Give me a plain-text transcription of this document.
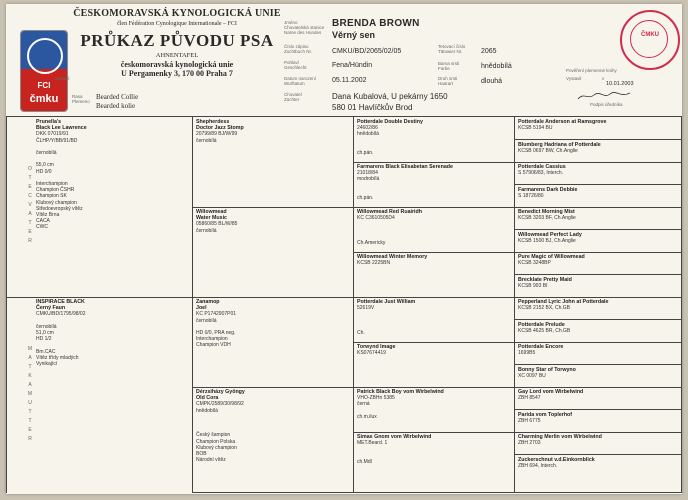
FCI
čmku
Vystavil
ČESKOMORAVSKÁ KYNOLOGICKÁ UNIE
člen Fédération Cynologique Internationale – FCI
PRŮKAZ PŮVODU PSA
AHNENTAFEL
českomoravská kynologická unie
U Pergamenky 3, 170 00 Praha 7
Rasa
Plemeno
Bearded Collie
Bearded kolie
Jméno
Chovatelská stanice
Name des Hundes
Číslo zápisu
Zuchtbuch Nr.
Pohlaví
Geschlecht
Datum narození
Wurftatum
Chovatel
Züchter
BRENDA BROWN
Věrný sen
CMKU/BD/2065/02/05
Fena/Hündin
05.11.2002
Dana Kubalová, U pekárny 1650
580 01 Havlíčkův Brod
Tetovací číslo
Tätowier Nr.
Barva srsti
Farbe
Druh srsti
Haarart
2065
hnědobílá
dlouhá
Pověření plemenné knihy
Vystavil	v
10.01.2003
Podpis úředníka
ČMKU
O
T
E
C
V
A
T
E
R
M
A
T
K
A
M
U
T
T
E
R
Prunella's
Black Lee Lawrence
DKK 07019/91
ČLHP/Y/BB/91/BD

černobílá

55,0 cm
HD 0/0

Interchampion
Champion ČSHR
Champion SK
Klubový champion
Středoevropský vítěz
Vítěz Brna
CACA
CWC
INSPIRACE BLACK
Černý Faun
CMKU/BD/1795/98/02

černobílá
51,0 cm
HD 1/2

Bm.CAC
Vítěz třídy mladých
Vynikající
Shepherdess
Doctor Jazz Stomp
20799/89 BJ/W/99
černobílá
Willowmead
Water Music
05860/85 BL/W/85
černobílá
Zanamop
Joel
KC P1742907P01
černobílá

HD 0/0, PRA neg.
Interchampion
Champion VDH
Dérzsiházy Gyöngy
Old Cora
CMPK/2589/30/98/92
hnědobílá

Český šampion
Champion Polska
Klubový champion
BOB
Národní vítěz
Potterdale Double Destiny
24602/86
hnědobílá

ch.pán.
Farmarens Black Elisabetan Serenade
21018/84
modrobílá

ch.pán.
Willowmead Red Ruairidh
KC C3610505D4

Ch.Americky
Willowmead Winter Memory
KCSB 2225BN
Potterdale Just William
52619V

Ch.
Torwynd Image
KS07674419
Patrick Black Boy vom Wirbelwind
VHO-ZBHn 5385
černá

ch.m.ilux
Simas Gnom vom Wirbelwind
MET.Beard. 1

ch.Mdl
Potterdale Anderson at Ramsgrove
KCSB 5194 BU
Blumberg Hadriana of Potterdale
KCSB 0697 BW, Ch.Anglie
Potterdale Cassius
S 57906/83, Interch.
Farmarens Dark Debbie
S 18726/80
Benedict Morning Mist
KCSB 3203 BF, Ch.Anglie
Willowmead Perfect Lady
KCSB 1500 BJ, Ch.Anglie
Pure Magic of Willowmead
KCSB 3248BP
Brecklate Pretty Maid
KCSB 993 BI
Pepperland Lyric John at Potterdale
KCSB 2152 BX, Ch.GB
Potterdale Prelude
KCSB 4625 BR, Ch.GB
Potterdale Encore
1699B5
Bonny Star of Torwyno
XC 0097 BU
Gay Lord vom Wirbelwind
ZBH 8547
Parida vom Toplerhof
ZBH 6775
Charming Merlin vom Wirbelwind
ZBH 2703
Zuckerschnut v.d.Einkornblick
ZBH 694, Interch.
